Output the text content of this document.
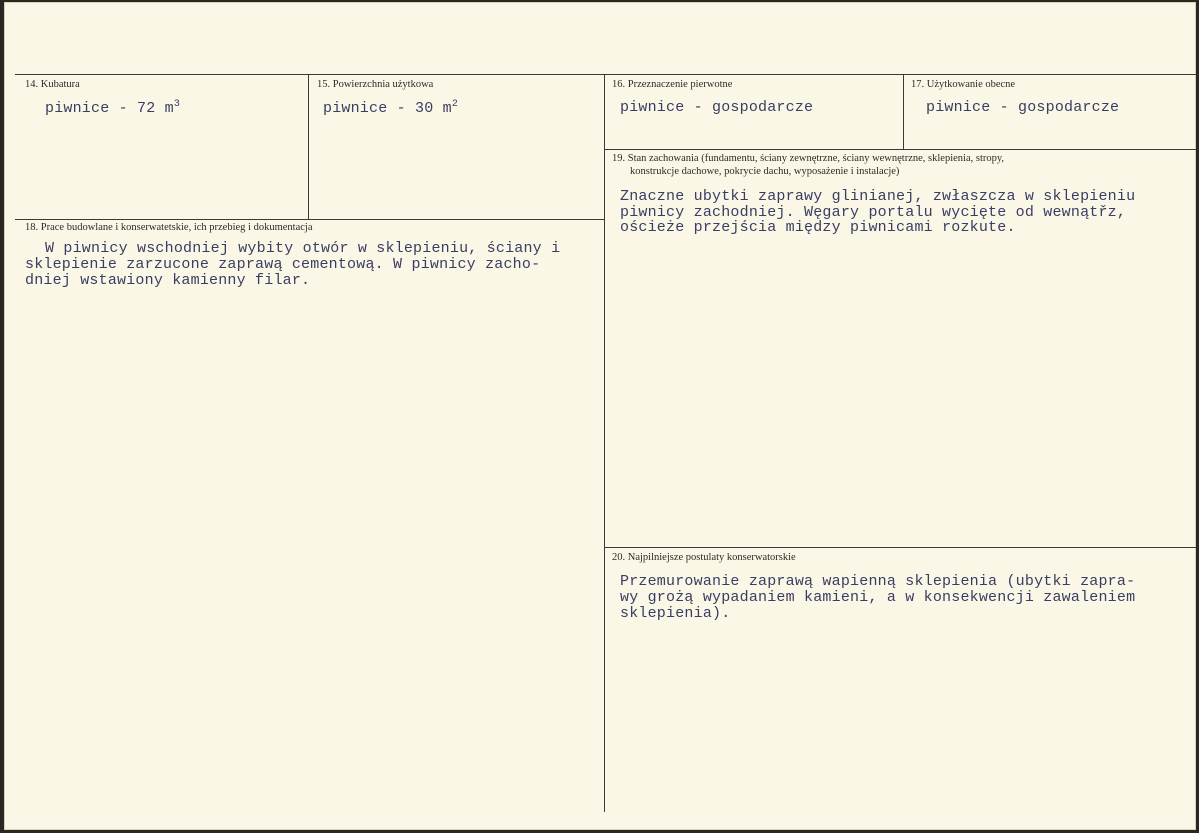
14. Kubatura
piwnice - 72 $m^3$
15. Powierzchnia użytkowa
piwnice - 30 $m^2$
16. Przeznaczenie pierwotne
piwnice - gospodarcze
17. Użytkowanie obecne
piwnice - gospodarcze
18. Prace budowlane i konserwatetskie, ich przebieg i dokumentacja
W piwnicy wschodniej wybity otwór w sklepieniu, ściany i
sklepienie zarzucone zaprawą cementową. W piwnicy zacho-
dniej wstawiony kamienny filar.
19. Stan zachowania (fundamentu, ściany zewnętrzne, ściany wewnętrzne, sklepienia, stropy,
konstrukcje dachowe, pokrycie dachu, wyposażenie i instalacje)
Znaczne ubytki zaprawy glinianej, zwłaszcza w sklepieniu
piwnicy zachodniej. Węgary portalu wycięte od wewnątřz,
ościeże przejścia między piwnicami rozkute.
20. Najpilniejsze postulaty konserwatorskie
Przemurowanie zaprawą wapienną sklepienia (ubytki zapra-
wy grożą wypadaniem kamieni, a w konsekwencji zawaleniem
sklepienia).
